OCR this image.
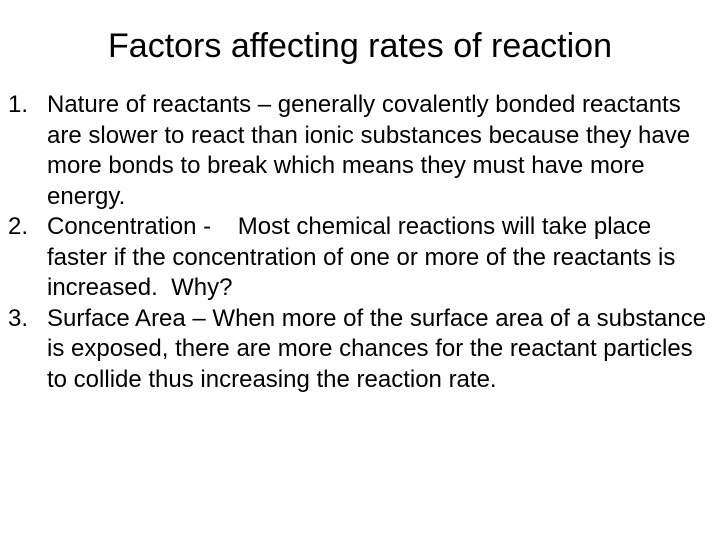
Factors affecting rates of reaction
1. Nature of reactants – generally covalently bonded reactants are slower to react than ionic substances because they have more bonds to break which means they must have more energy.
2. Concentration -    Most chemical reactions will take place faster if the concentration of one or more of the reactants is increased.  Why?
3. Surface Area – When more of the surface area of a substance is exposed, there are more chances for the reactant particles to collide thus increasing the reaction rate.
